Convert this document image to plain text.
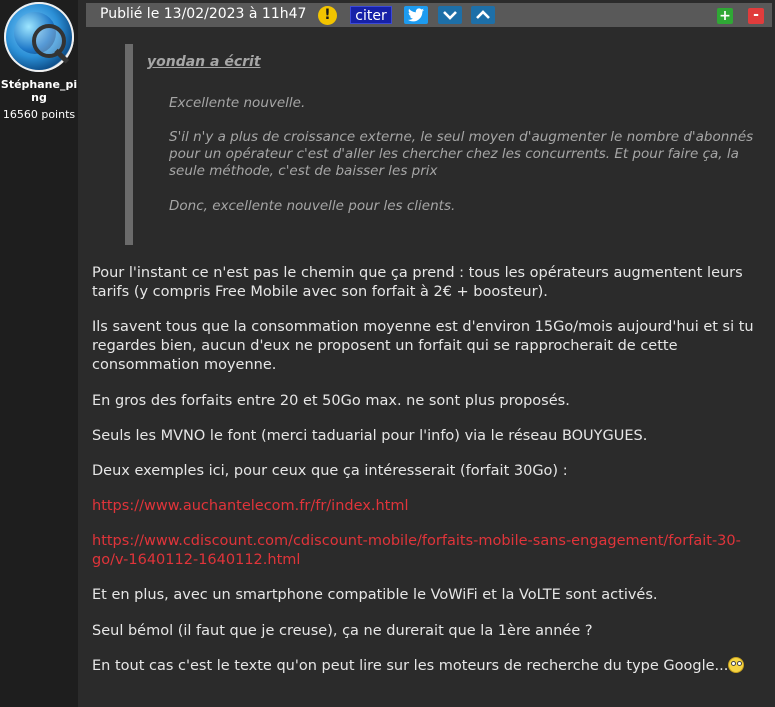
Stéphane_ping
16560 points
Publié le 13/02/2023 à 11h47	!	citer	+	-
yondan a écrit

Excellente nouvelle.

S'il n'y a plus de croissance externe, le seul moyen d'augmenter le nombre d'abonnés pour un opérateur c'est d'aller les chercher chez les concurrents. Et pour faire ça, la seule méthode, c'est de baisser les prix

Donc, excellente nouvelle pour les clients.

Pour l'instant ce n'est pas le chemin que ça prend : tous les opérateurs augmentent leurs tarifs (y compris Free Mobile avec son forfait à 2€ + boosteur).

Ils savent tous que la consommation moyenne est d'environ 15Go/mois aujourd'hui et si tu regardes bien, aucun d'eux ne proposent un forfait qui se rapprocherait de cette consommation moyenne.

En gros des forfaits entre 20 et 50Go max. ne sont plus proposés.

Seuls les MVNO le font (merci taduarial pour l'info) via le réseau BOUYGUES.

Deux exemples ici, pour ceux que ça intéresserait (forfait 30Go) :

https://www.auchantelecom.fr/fr/index.html

https://www.cdiscount.com/cdiscount-mobile/forfaits-mobile-sans-engagement/forfait-30-go/v-1640112-1640112.html

Et en plus, avec un smartphone compatible le VoWiFi et la VoLTE sont activés.

Seul bémol (il faut que je creuse), ça ne durerait que la 1ère année ?

En tout cas c'est le texte qu'on peut lire sur les moteurs de recherche du type Google...
